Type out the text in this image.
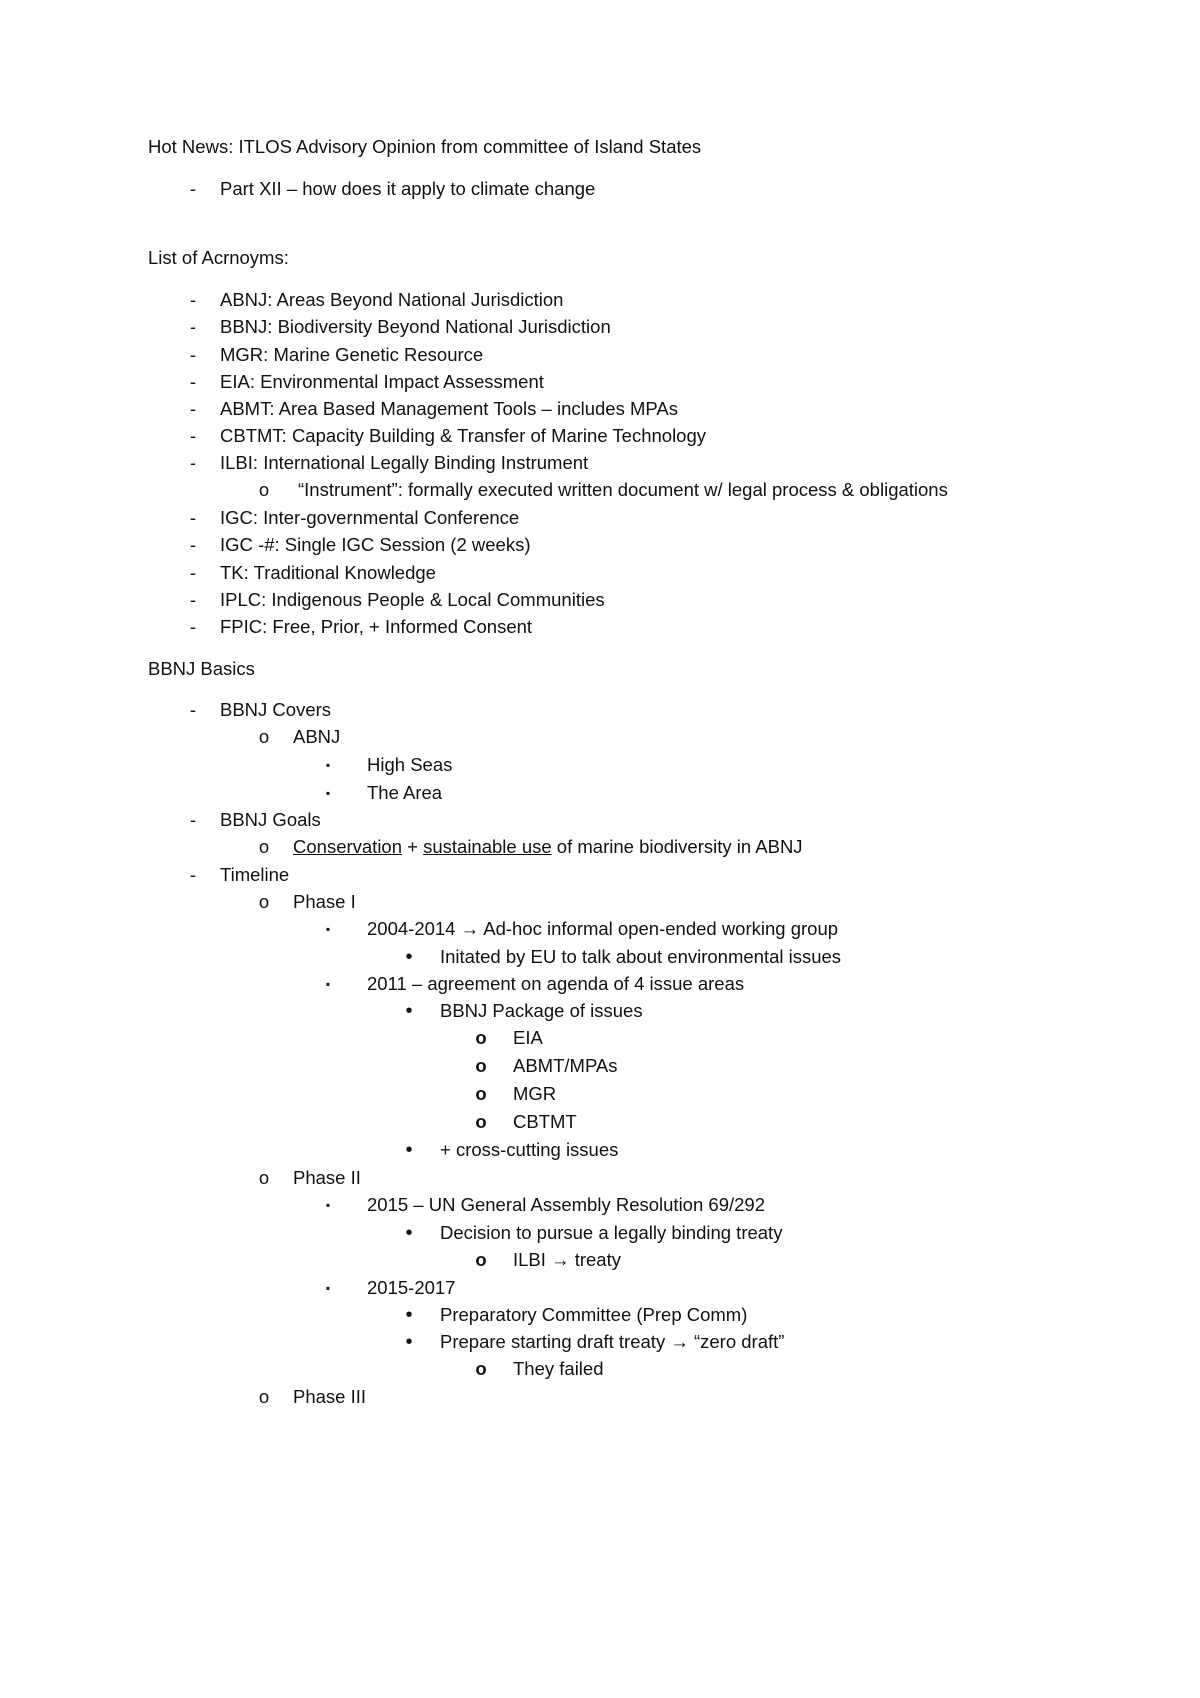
Hot News: ITLOS Advisory Opinion from committee of Island States
-	Part XII – how does it apply to climate change
List of Acrnoyms:
-	ABNJ: Areas Beyond National Jurisdiction
-	BBNJ: Biodiversity Beyond National Jurisdiction
-	MGR: Marine Genetic Resource
-	EIA: Environmental Impact Assessment
-	ABMT: Area Based Management Tools – includes MPAs
-	CBTMT: Capacity Building & Transfer of Marine Technology
-	ILBI: International Legally Binding Instrument
o “Instrument”: formally executed written document w/ legal process & obligations
-	IGC: Inter-governmental Conference
-	IGC -#: Single IGC Session (2 weeks)
-	TK: Traditional Knowledge
-	IPLC: Indigenous People & Local Communities
-	FPIC: Free, Prior, + Informed Consent
BBNJ Basics
-	BBNJ Covers
o ABNJ
▪	High Seas
▪	The Area
-	BBNJ Goals
o Conservation + sustainable use of marine biodiversity in ABNJ
-	Timeline
o Phase I
▪	2004-2014 → Ad-hoc informal open-ended working group
•	Initated by EU to talk about environmental issues
▪	2011 – agreement on agenda of 4 issue areas
•	BBNJ Package of issues
o EIA
o ABMT/MPAs
o MGR
o CBTMT
•	+ cross-cutting issues
o Phase II
▪	2015 – UN General Assembly Resolution 69/292
•	Decision to pursue a legally binding treaty
o ILBI → treaty
▪	2015-2017
•	Preparatory Committee (Prep Comm)
•	Prepare starting draft treaty → “zero draft”
o They failed
o Phase III
